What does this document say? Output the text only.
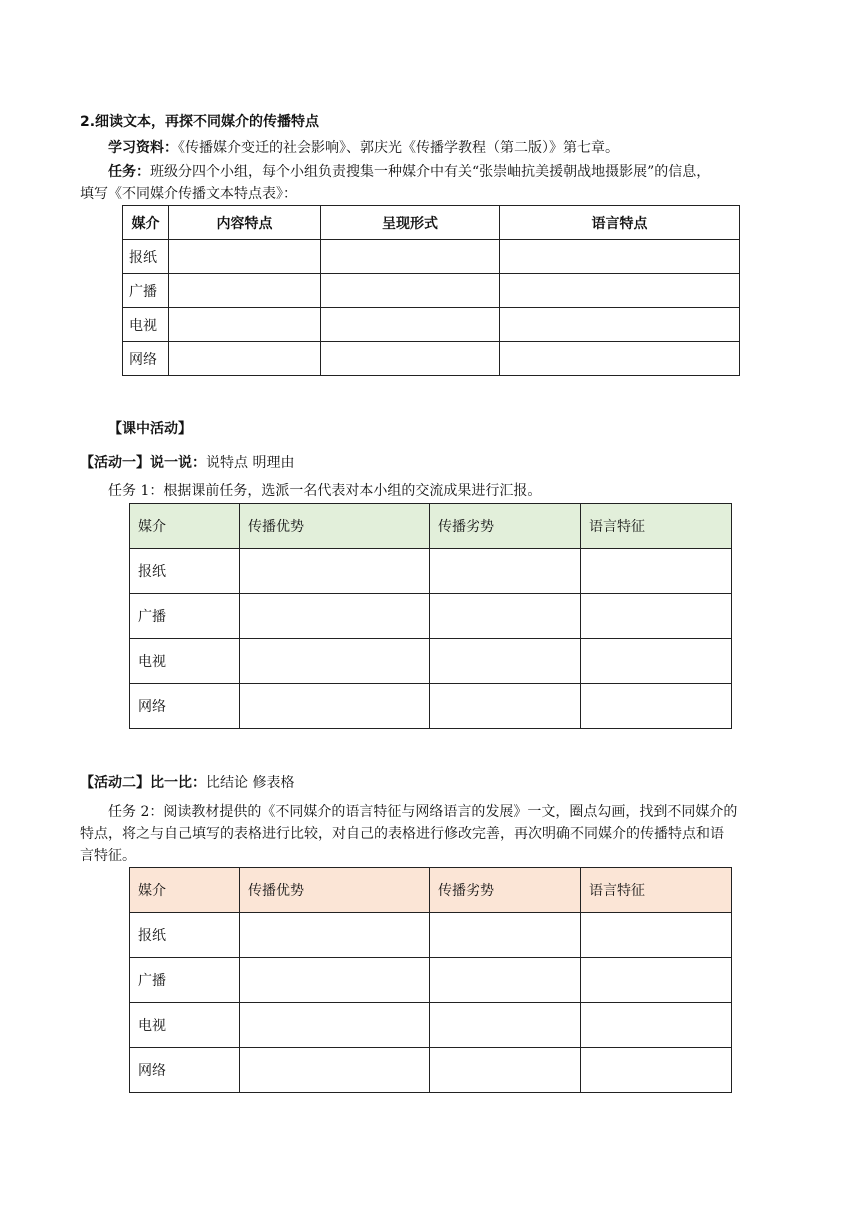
2.细读文本，再探不同媒介的传播特点
学习资料：《传播媒介变迁的社会影响》、郭庆光《传播学教程（第二版）》第七章。
任务：班级分四个小组，每个小组负责搜集一种媒介中有关“张崇岫抗美援朝战地摄影展”的信息，
填写《不同媒介传播文本特点表》：
媒介	内容特点	呈现形式	语言特点
报纸			
广播			
电视			
网络			
【课中活动】
【活动一】说一说：说特点 明理由
任务 1：根据课前任务，选派一名代表对本小组的交流成果进行汇报。
媒介	传播优势	传播劣势	语言特征
报纸			
广播			
电视			
网络			
【活动二】比一比：比结论 修表格
任务 2：阅读教材提供的《不同媒介的语言特征与网络语言的发展》一文，圈点勾画，找到不同媒介的
特点，将之与自己填写的表格进行比较，对自己的表格进行修改完善，再次明确不同媒介的传播特点和语
言特征。
媒介	传播优势	传播劣势	语言特征
报纸			
广播			
电视			
网络			
